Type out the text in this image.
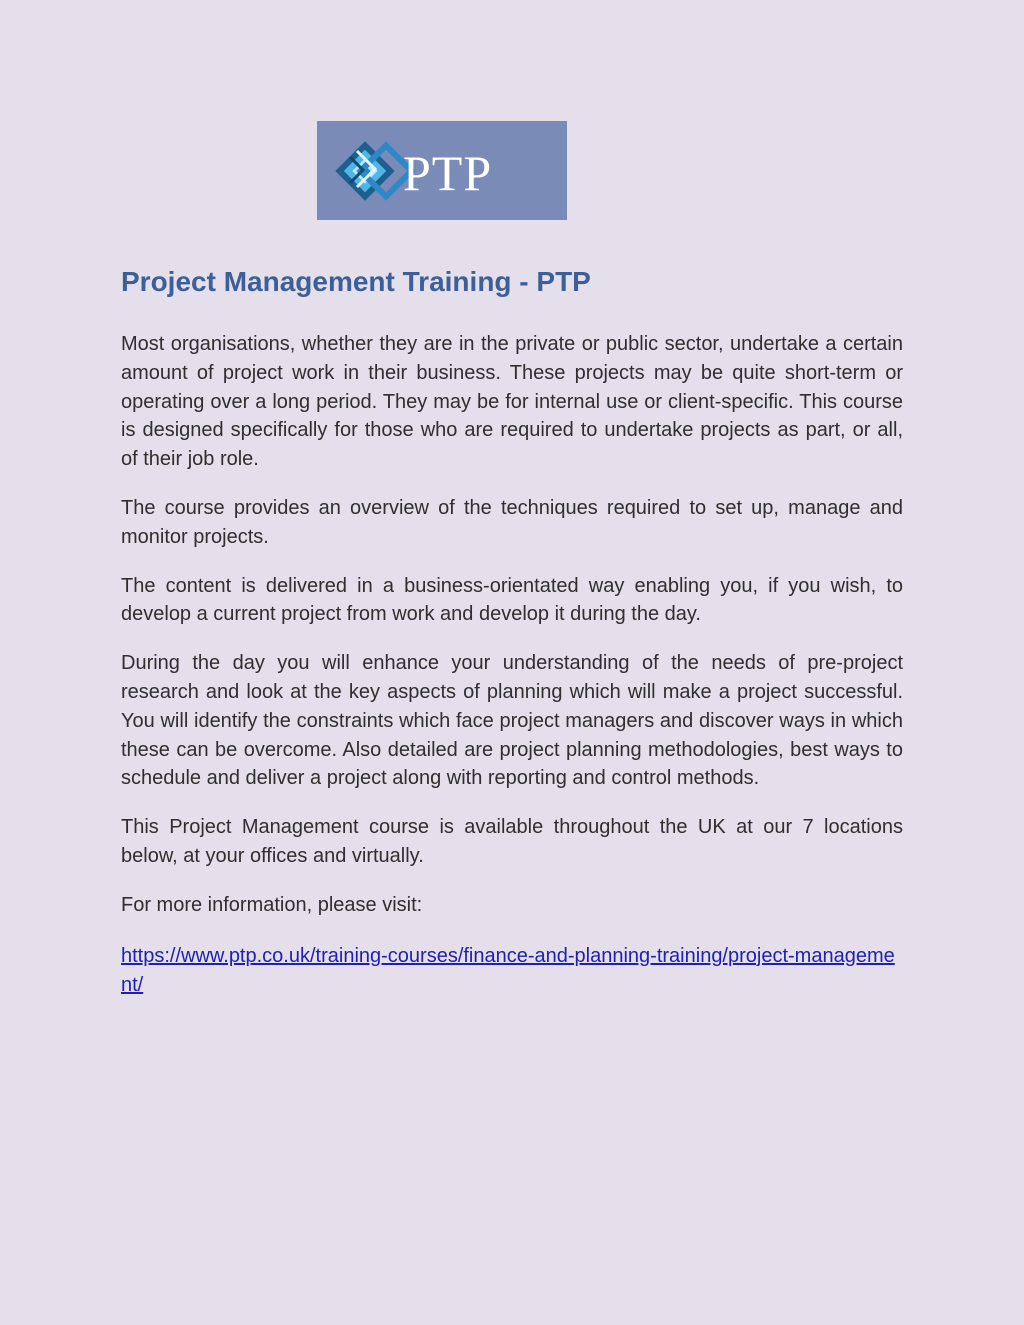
PTP
Project Management Training - PTP

Most organisations, whether they are in the private or public sector, undertake a certain amount of project work in their business. These projects may be quite short-term or operating over a long period. They may be for internal use or client-specific. This course is designed specifically for those who are required to undertake projects as part, or all, of their job role.

The course provides an overview of the techniques required to set up, manage and monitor projects.

The content is delivered in a business-orientated way enabling you, if you wish, to develop a current project from work and develop it during the day.

During the day you will enhance your understanding of the needs of pre-project research and look at the key aspects of planning which will make a project successful. You will identify the constraints which face project managers and discover ways in which these can be overcome. Also detailed are project planning methodologies, best ways to schedule and deliver a project along with reporting and control methods.

This Project Management course is available throughout the UK at our 7 locations below, at your offices and virtually.

For more information, please visit:

https://www.ptp.co.uk/training-courses/finance-and-planning-training/project-management/
